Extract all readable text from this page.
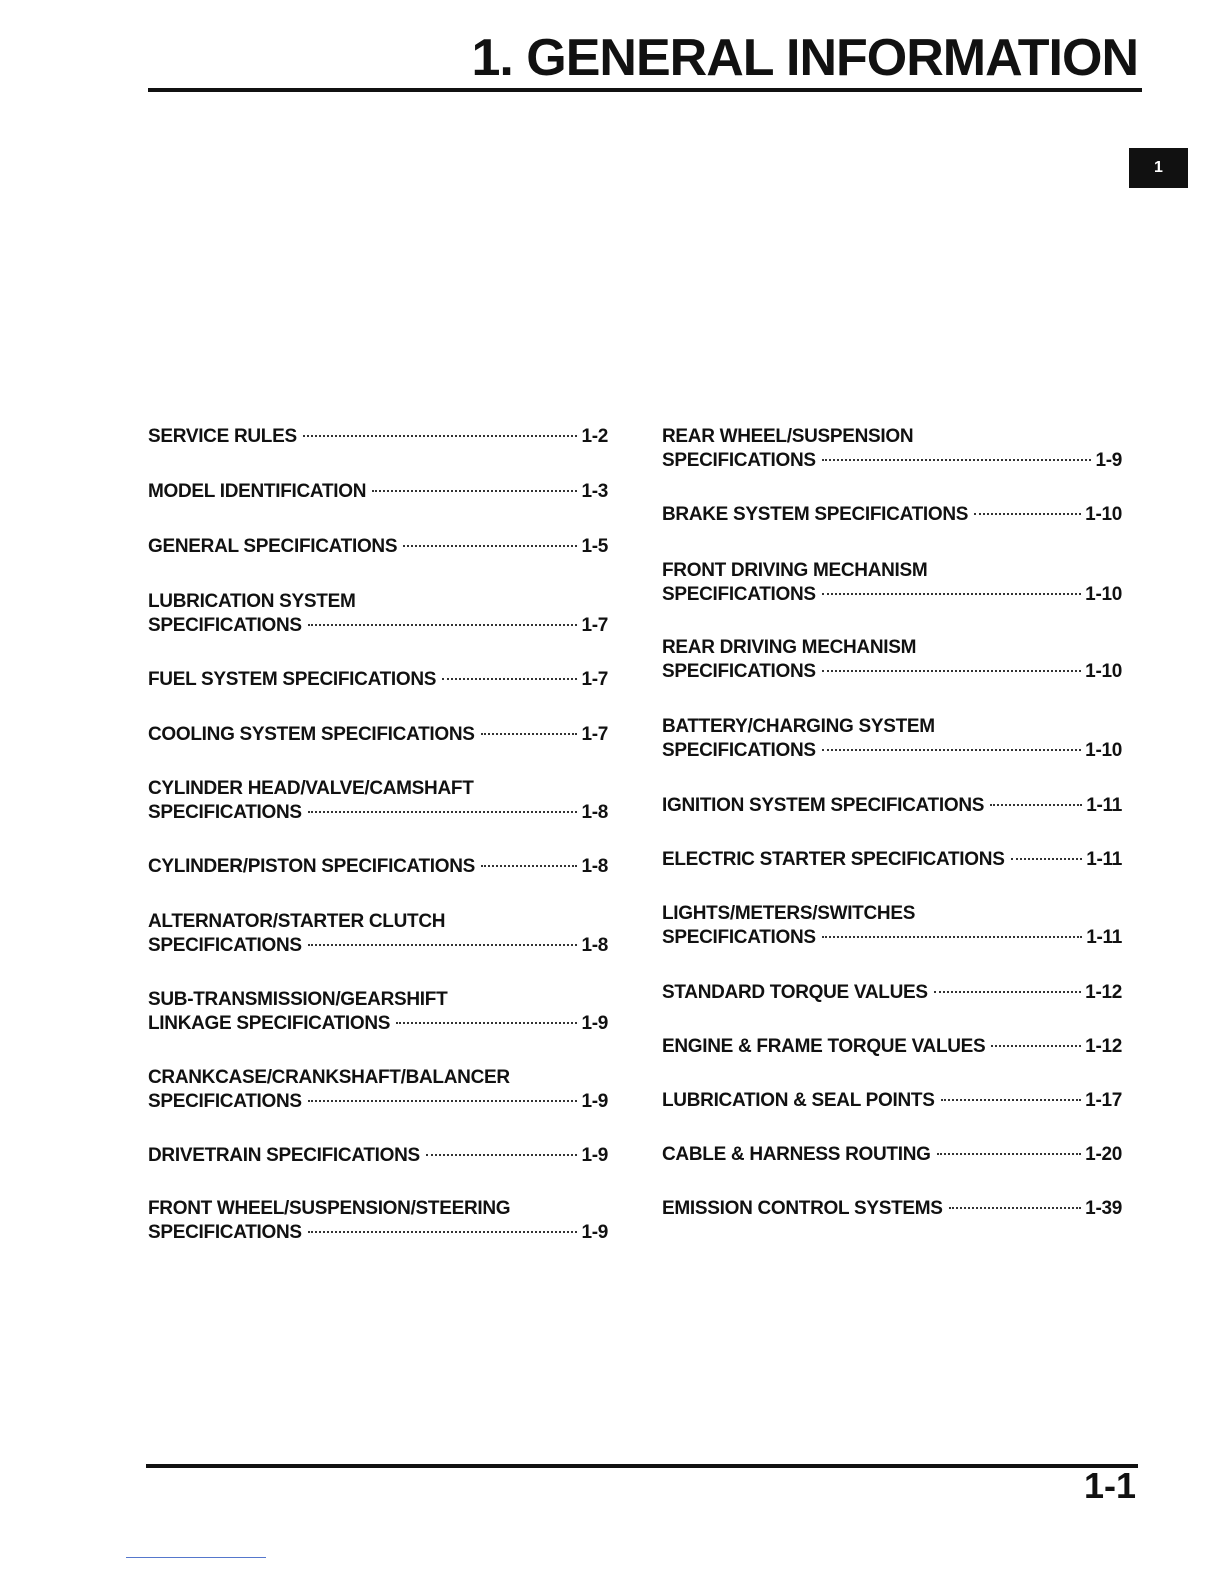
1. GENERAL INFORMATION
1
SERVICE RULES	1-2
MODEL IDENTIFICATION	1-3
GENERAL SPECIFICATIONS	1-5
LUBRICATION SYSTEM
SPECIFICATIONS	1-7
FUEL SYSTEM SPECIFICATIONS	1-7
COOLING SYSTEM SPECIFICATIONS	1-7
CYLINDER HEAD/VALVE/CAMSHAFT
SPECIFICATIONS	1-8
CYLINDER/PISTON SPECIFICATIONS	1-8
ALTERNATOR/STARTER CLUTCH
SPECIFICATIONS	1-8
SUB-TRANSMISSION/GEARSHIFT
LINKAGE SPECIFICATIONS	1-9
CRANKCASE/CRANKSHAFT/BALANCER
SPECIFICATIONS	1-9
DRIVETRAIN SPECIFICATIONS	1-9
FRONT WHEEL/SUSPENSION/STEERING
SPECIFICATIONS	1-9
REAR WHEEL/SUSPENSION
SPECIFICATIONS	1-9
BRAKE SYSTEM SPECIFICATIONS	1-10
FRONT DRIVING MECHANISM
SPECIFICATIONS	1-10
REAR DRIVING MECHANISM
SPECIFICATIONS	1-10
BATTERY/CHARGING SYSTEM
SPECIFICATIONS	1-10
IGNITION SYSTEM SPECIFICATIONS	1-11
ELECTRIC STARTER SPECIFICATIONS	1-11
LIGHTS/METERS/SWITCHES
SPECIFICATIONS	1-11
STANDARD TORQUE VALUES	1-12
ENGINE & FRAME TORQUE VALUES	1-12
LUBRICATION & SEAL POINTS	1-17
CABLE & HARNESS ROUTING	1-20
EMISSION CONTROL SYSTEMS	1-39
1-1
